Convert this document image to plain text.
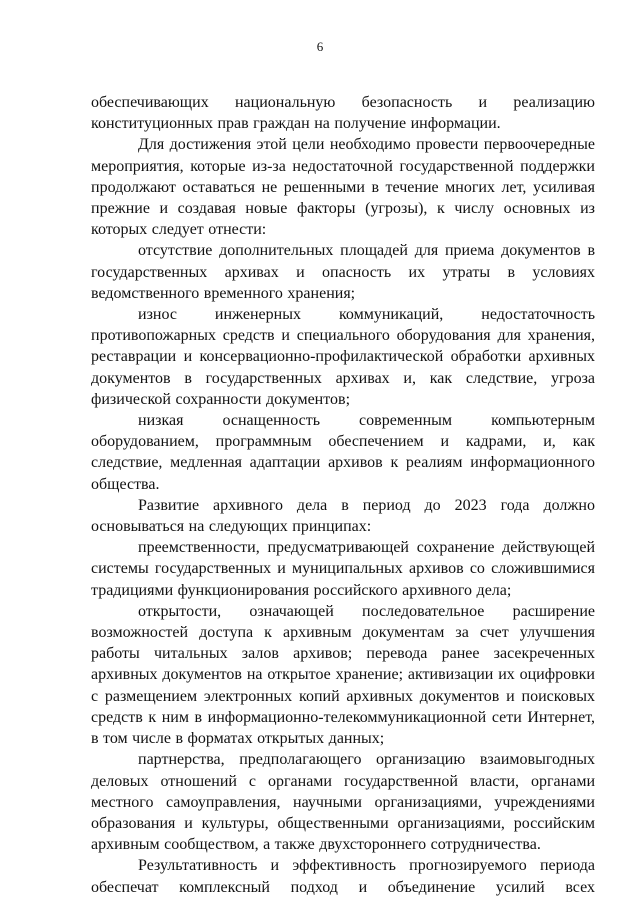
6

обеспечивающих национальную безопасность и реализацию конституционных прав граждан на получение информации.

Для достижения этой цели необходимо провести первоочередные мероприятия, которые из-за недостаточной государственной поддержки продолжают оставаться не решенными в течение многих лет, усиливая прежние и создавая новые факторы (угрозы), к числу основных из которых следует отнести:

отсутствие дополнительных площадей для приема документов в государственных архивах и опасность их утраты в условиях ведомственного временного хранения;

износ инженерных коммуникаций, недостаточность противопожарных средств и специального оборудования для хранения, реставрации и консервационно-профилактической обработки архивных документов в государственных архивах и, как следствие, угроза физической сохранности документов;

низкая оснащенность современным компьютерным оборудованием, программным обеспечением и кадрами, и, как следствие, медленная адаптации архивов к реалиям информационного общества.

Развитие архивного дела в период до 2023 года должно основываться на следующих принципах:

преемственности, предусматривающей сохранение действующей системы государственных и муниципальных архивов со сложившимися традициями функционирования российского архивного дела;

открытости, означающей последовательное расширение возможностей доступа к архивным документам за счет улучшения работы читальных залов архивов; перевода ранее засекреченных архивных документов на открытое хранение; активизации их оцифровки с размещением электронных копий архивных документов и поисковых средств к ним в информационно-телекоммуникационной сети Интернет, в том числе в форматах открытых данных;

партнерства, предполагающего организацию взаимовыгодных деловых отношений с органами государственной власти, органами местного самоуправления, научными организациями, учреждениями образования и культуры, общественными организациями, российским архивным сообществом, а также двухстороннего сотрудничества.

Результативность и эффективность прогнозируемого периода обеспечат комплексный подход и объединение усилий всех
